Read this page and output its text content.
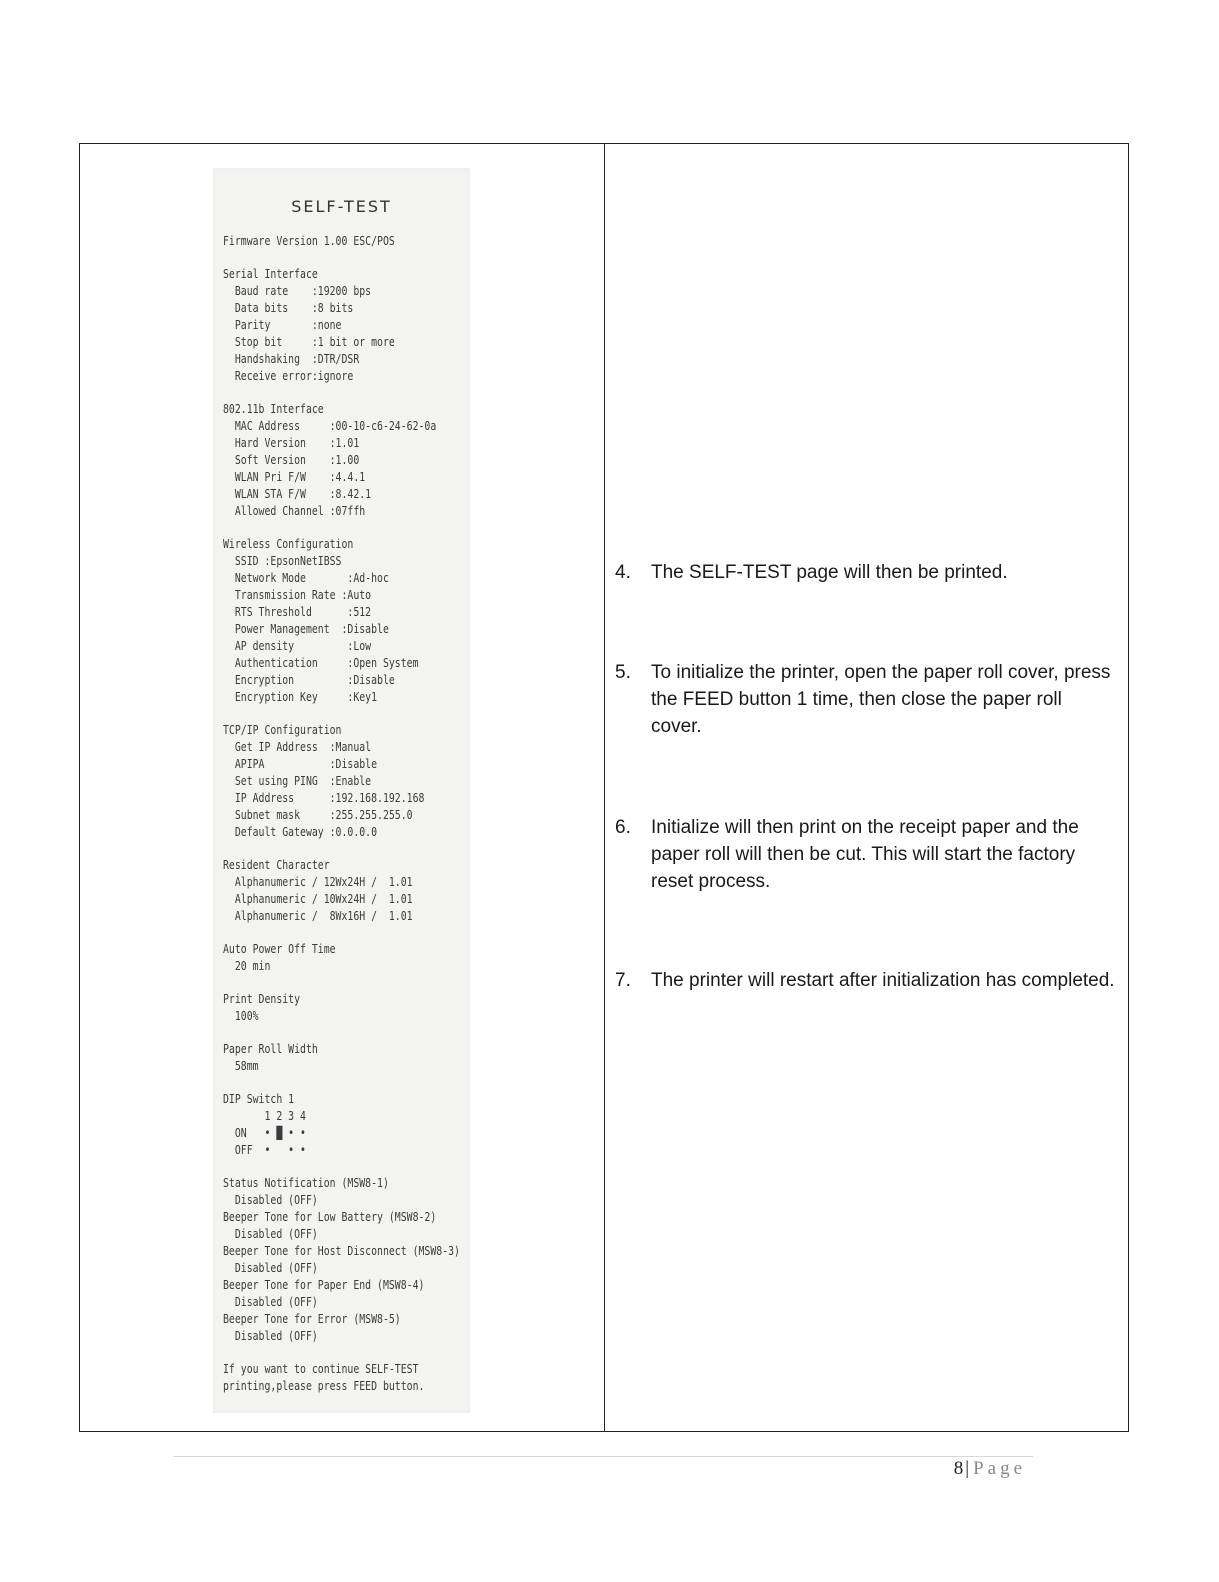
SELF-TEST
Firmware Version 1.00 ESC/POS
Serial Interface
Baud rate    :19200 bps
Data bits    :8 bits
Parity       :none
Stop bit     :1 bit or more
Handshaking  :DTR/DSR
Receive error:ignore
802.11b Interface
MAC Address     :00-10-c6-24-62-0a
Hard Version    :1.01
Soft Version    :1.00
WLAN Pri F/W    :4.4.1
WLAN STA F/W    :8.42.1
Allowed Channel :07ffh
Wireless Configuration
SSID :EpsonNetIBSS
Network Mode       :Ad-hoc
Transmission Rate :Auto
RTS Threshold      :512
Power Management  :Disable
AP density         :Low
Authentication     :Open System
Encryption         :Disable
Encryption Key     :Key1
TCP/IP Configuration
Get IP Address  :Manual
APIPA           :Disable
Set using PING  :Enable
IP Address      :192.168.192.168
Subnet mask     :255.255.255.0
Default Gateway :0.0.0.0
Resident Character
Alphanumeric / 12Wx24H /  1.01
Alphanumeric / 10Wx24H /  1.01
Alphanumeric /  8Wx16H /  1.01
Auto Power Off Time
20 min
Print Density
100%
Paper Roll Width
58mm
DIP Switch 1
1 2 3 4
ON   • █ • •
OFF  •   • •
Status Notification (MSW8-1)
Disabled (OFF)
Beeper Tone for Low Battery (MSW8-2)
Disabled (OFF)
Beeper Tone for Host Disconnect (MSW8-3)
Disabled (OFF)
Beeper Tone for Paper End (MSW8-4)
Disabled (OFF)
Beeper Tone for Error (MSW8-5)
Disabled (OFF)
If you want to continue SELF-TEST
printing,please press FEED button.
4.	The SELF-TEST page will then be printed.
5.	To initialize the printer, open the paper roll cover, press the FEED button 1 time, then close the paper roll cover.
6.	Initialize will then print on the receipt paper and the paper roll will then be cut. This will start the factory reset process.
7.	The printer will restart after initialization has completed.
8 | Page
